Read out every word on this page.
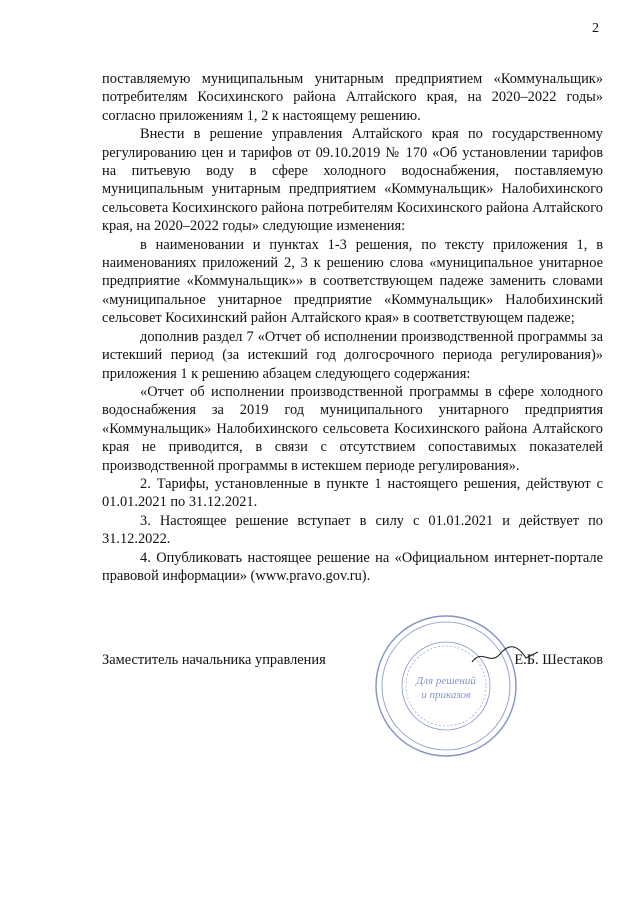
2

поставляемую муниципальным унитарным предприятием «Коммунальщик» потребителям Косихинского района Алтайского края, на 2020–2022 годы» согласно приложениям 1, 2 к настоящему решению.

Внести в решение управления Алтайского края по государственному регулированию цен и тарифов от 09.10.2019 № 170 «Об установлении тарифов на питьевую воду в сфере холодного водоснабжения, поставляемую муниципальным унитарным предприятием «Коммунальщик» Налобихинского сельсовета Косихинского района потребителям Косихинского района Алтайского края, на 2020–2022 годы» следующие изменения:

в наименовании и пунктах 1-3 решения, по тексту приложения 1, в наименованиях приложений 2, 3 к решению слова «муниципальное унитарное предприятие «Коммунальщик»» в соответствующем падеже заменить словами «муниципальное унитарное предприятие «Коммунальщик» Налобихинский сельсовет Косихинский район Алтайского края» в соответствующем падеже;

дополнив раздел 7 «Отчет об исполнении производственной программы за истекший период (за истекший год долгосрочного периода регулирования)» приложения 1 к решению абзацем следующего содержания:

«Отчет об исполнении производственной программы в сфере холодного водоснабжения за 2019 год муниципального унитарного предприятия «Коммунальщик» Налобихинского сельсовета Косихинского района Алтайского края не приводится, в связи с отсутствием сопоставимых показателей производственной программы в истекшем периоде регулирования».

2. Тарифы, установленные в пункте 1 настоящего решения, действуют с 01.01.2021 по 31.12.2021.

3. Настоящее решение вступает в силу с 01.01.2021 и действует по 31.12.2022.

4. Опубликовать настоящее решение на «Официальном интернет-портале правовой информации» (www.pravo.gov.ru).

Для решений
и приказов
Заместитель начальника управления	Е.Б. Шестаков
